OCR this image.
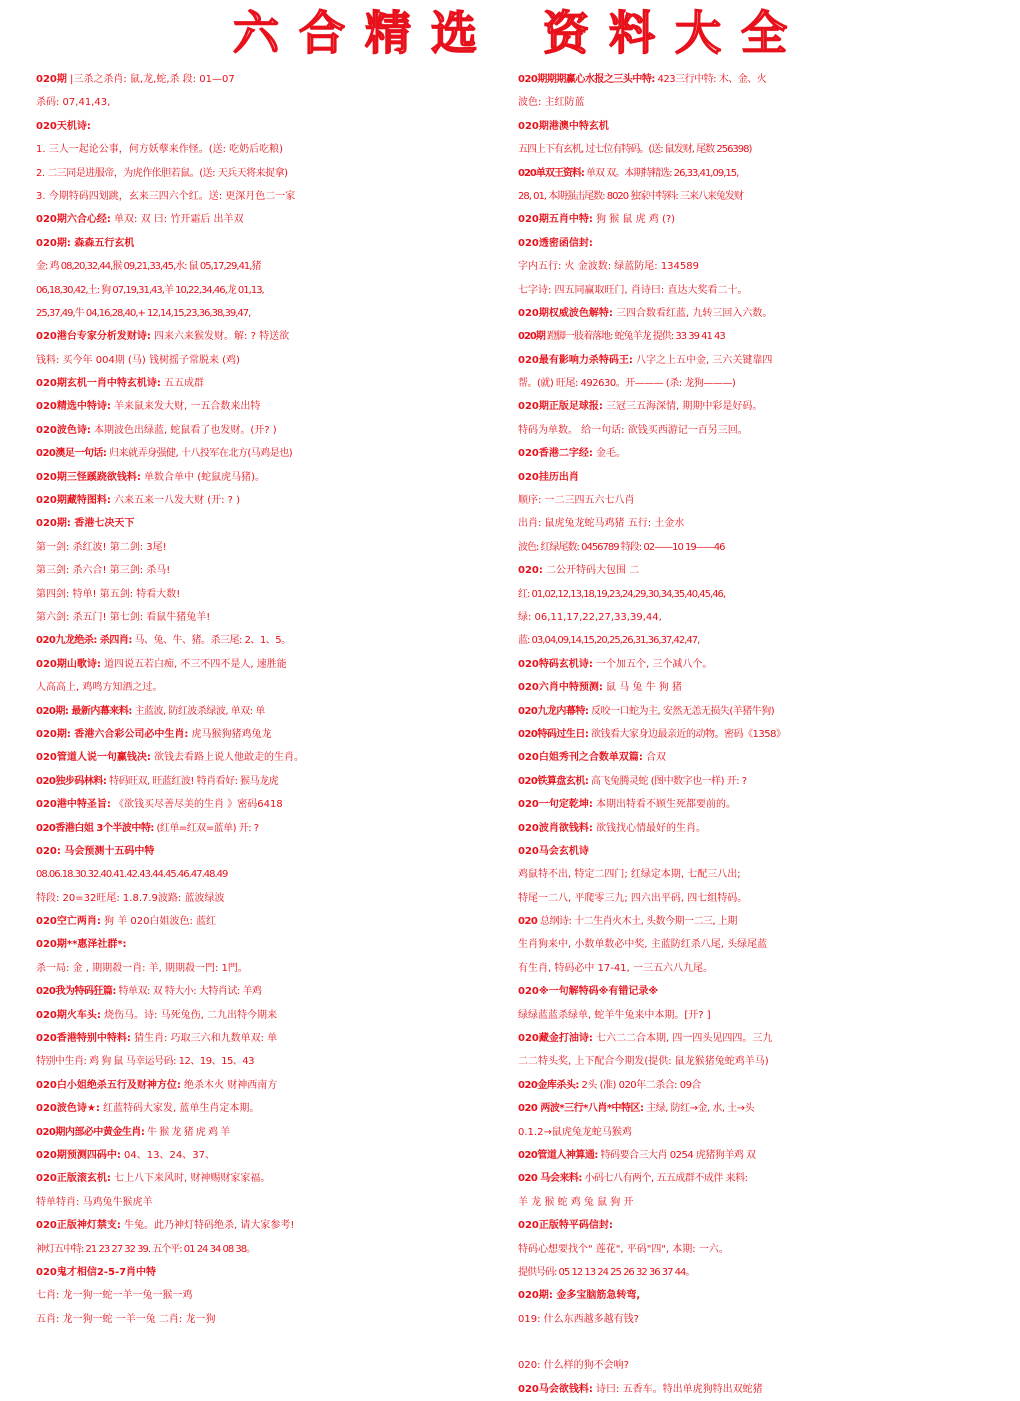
六 合 精 选 资 料 大 全
020期 |三杀之杀肖: 鼠,龙,蛇,杀 段: 01—07
杀码: 07,41,43,
020天机诗:
1. 三人一起论公事，何方妖孽来作怪。(送: 吃奶后吃粮)
2. 二三同是进服帝，为虎作伥胆若鼠。(送: 天兵天将来捉拿)
3. 今期特码四划跳，玄来三四六个红。送: 更深月色二一家
020期六合心经: 单双: 双 曰: 竹开霜后 出羊双
020期: 森森五行玄机
金: 鸡 08,20,32,44,猴 09,21,33,45,水: 鼠 05,17,29,41,猪
06,18,30,42,土: 狗 07,19,31,43,羊 10,22,34,46,龙 01,13,
25,37,49,牛 04,16,28,40,+ 12,14,15,23,36,38,39,47,
020港台专家分析发财诗: 四来六来猴发财。解: ? 特送欲
钱料: 买今年 004期 (马) 钱树摇子常脱来 (鸡)
020期玄机一肖中特玄机诗: 五五成群
020精选中特诗: 羊来鼠来发大财, 一五合数来出特
020波色诗: 本期波色出绿蓝, 蛇鼠看了也发财。(开? )
020澳足一句话: 归来就弄身强健, 十八投军在北方(马鸡是也)
020期三怪蹊跷欲钱料: 单数合单中 (蛇鼠虎马猪)。
020期藏特图料: 六来五来一八发大财 (开: ? )
020期: 香港七决天下
第一剑: 杀红波! 第二剑: 3尾!
第三剑: 杀六合! 第三剑: 杀马!
第四剑: 特单! 第五剑: 特看大数!
第六剑: 杀五门! 第七剑: 看鼠牛猪兔羊!
020九龙绝杀: 杀四肖: 马、兔、牛、猪。杀三尾: 2、1、5。
020期山歌诗: 道四说五若白痴, 不三不四不是人, 速胜能
人高高上, 鸡鸣方知酒之过。
020期: 最新内幕来料: 主蓝波, 防红波杀绿波, 单双: 单
020期: 香港六合彩公司必中生肖: 虎马猴狗猪鸡兔龙
020管道人说一句赢钱决: 欲钱去看路上说人他敢走的生肖。
020独步码林料: 特码旺双, 旺蓝红波! 特肖看好: 猴马龙虎
020港中特圣旨: 《欲钱买尽善尽美的生肖 》密码6418
020香港白姐 3个半波中特: (红单=红双=蓝单) 开: ?
020: 马会预测十五码中特
08.06.18.30.32.40.41.42.43.44.45.46.47.48.49
特段: 20=32旺尾: 1.8.7.9波路: 蓝波绿波
020空亡两肖: 狗 羊 020白姐波色: 蓝红
020期**惠泽社群*:
杀一局: 金 , 期期殺一肖: 羊, 期期殺一門: 1門。
020我为特码狂篇: 特单双: 双 特大小: 大特肖试: 羊鸡
020期火车头: 烧伤马。诗: 马死兔伤, 二九出特今期来
020香港特别中特料: 猜生肖: 巧取三六和九数单双: 单
特别中生肖: 鸡 狗 鼠 马幸运号码: 12、19、15、43
020白小姐绝杀五行及财神方位: 绝杀木火 财神西南方
020波色诗★: 红蓝特码大家发, 蓝单生肖定本期。
020期内部必中黄金生肖: 牛 猴 龙 猪 虎 鸡 羊
020期预测四码中: 04、13、24、37、
020正版滚玄机: 七上八下来风时, 财神赐财家家福。
特单特肖: 马鸡兔牛猴虎羊
020正版神灯禁支: 牛兔。此乃神灯特码绝杀, 请大家参考!
神灯五中特: 21 23 27 32 39. 五个平: 01 24 34 08 38。
020鬼才相信2-5-7肖中特
七肖: 龙一狗一蛇一羊一兔一猴一鸡
五肖: 龙一狗一蛇 一羊一兔 二肖: 龙一狗
020期期期赢心水报之三头中特: 423三行中特: 木、金、火
波色: 主红防蓝
020期港澳中特玄机
五四上下有玄机, 过七位有特码。(送: 鼠发财, 尾数 256398)
020单双王资料: 单双 双。本期特精选: 26,33,41,09,15,
28, 01, 本期强击尾数: 8020 独家中特料: 三来八来兔发财
020期五肖中特: 狗 猴 鼠 虎 鸡 (?)
020透密函信封:
字内五行: 火 金波数: 绿蓝防尾: 134589
七字诗: 四五同赢取旺门, 肖诗曰: 直达大奖看二十。
020期权威波色解特: 三四合数看红蓝, 九转三回入六数。
020期 蹬脚一肢着落地: 蛇兔羊龙 提供: 33 39 41 43
020最有影响力杀特码王: 八字之上五中金, 三六关键靠四
帮。(就) 旺尾: 492630。开——— (杀: 龙狗———)
020期正版足球报: 三冠三五海深情, 期期中彩是好码。
特码为单数。 给一句话: 欲钱买西游记一百另三回。
020香港二字经: 金毛。
020挂历出肖
顺序: 一二三四五六七八肖
出肖: 鼠虎兔龙蛇马鸡猪 五行: 土金水
波色: 红绿尾数: 0456789 特段: 02——10 19——46
020: 二公开特码大包围 二
红: 01,02,12,13,18,19,23,24,29,30,34,35,40,45,46,
绿: 06,11,17,22,27,33,39,44,
蓝: 03,04,09,14,15,20,25,26,31,36,37,42,47,
020特码玄机诗: 一个加五个, 三个减八个。
020六肖中特预测: 鼠 马 兔 牛 狗 猪
020九龙内幕特: 反咬一口蛇为主, 安然无恙无损失(羊猪牛狗)
020特码过生日: 欲钱看大家身边最亲近的动物。密码《1358》
020白姐秀刊之合数单双篇: 合双
020铁算盘玄机: 高飞兔腾灵蛇 (图中数字也一样) 开: ?
020一句定乾坤: 本期出特看不顾生死都要前的。
020波肖欲钱料: 欲钱找心情最好的生肖。
020马会玄机诗
鸡鼠特不出, 特定二四门; 红绿定本期, 七配三八出;
特尾一二八, 平爬零三九; 四六出平码, 四七组特码。
020 总纲诗: 十二生肖火木土, 头数今期一二三, 上期
生肖狗来中, 小数单数必中奖, 主蓝防红杀八尾, 头绿尾蓝
有生肖, 特码必中 17-41, 一三五六八九尾。
020※一句解特码※有错记录※
绿绿蓝蓝杀绿单, 蛇羊牛兔来中本期。[开? ]
020藏金打油诗: 七六二二合本期, 四一四头见四四。三九
二二特头奖, 上下配合今期发(提供: 鼠龙猴猪兔蛇鸡羊马)
020金库杀头: 2头 (准) 020年二杀合: 09合
020 两波*三行*八肖*中特区: 主绿, 防红→金, 水, 土→头
0.1.2→鼠虎兔龙蛇马猴鸡
020管道人神算通: 特码要合三大肖 0254 虎猪狗羊鸡 双
020 马会来料: 小码七八有两个, 五五成群不成伴 来料:
羊 龙 猴 蛇 鸡 兔 鼠 狗 开
020正版特平码信封:
特码心想要找个" 莲花", 平码"四", 本期: 一六。
提供号码: 05 12 13 24 25 26 32 36 37 44。
020期: 金多宝脑筋急转弯,
019: 什么东西越多越有钱?
020: 什么样的狗不会响?
020马会欲钱料: 诗曰: 五香车。特出单虎狗特出双蛇猪
